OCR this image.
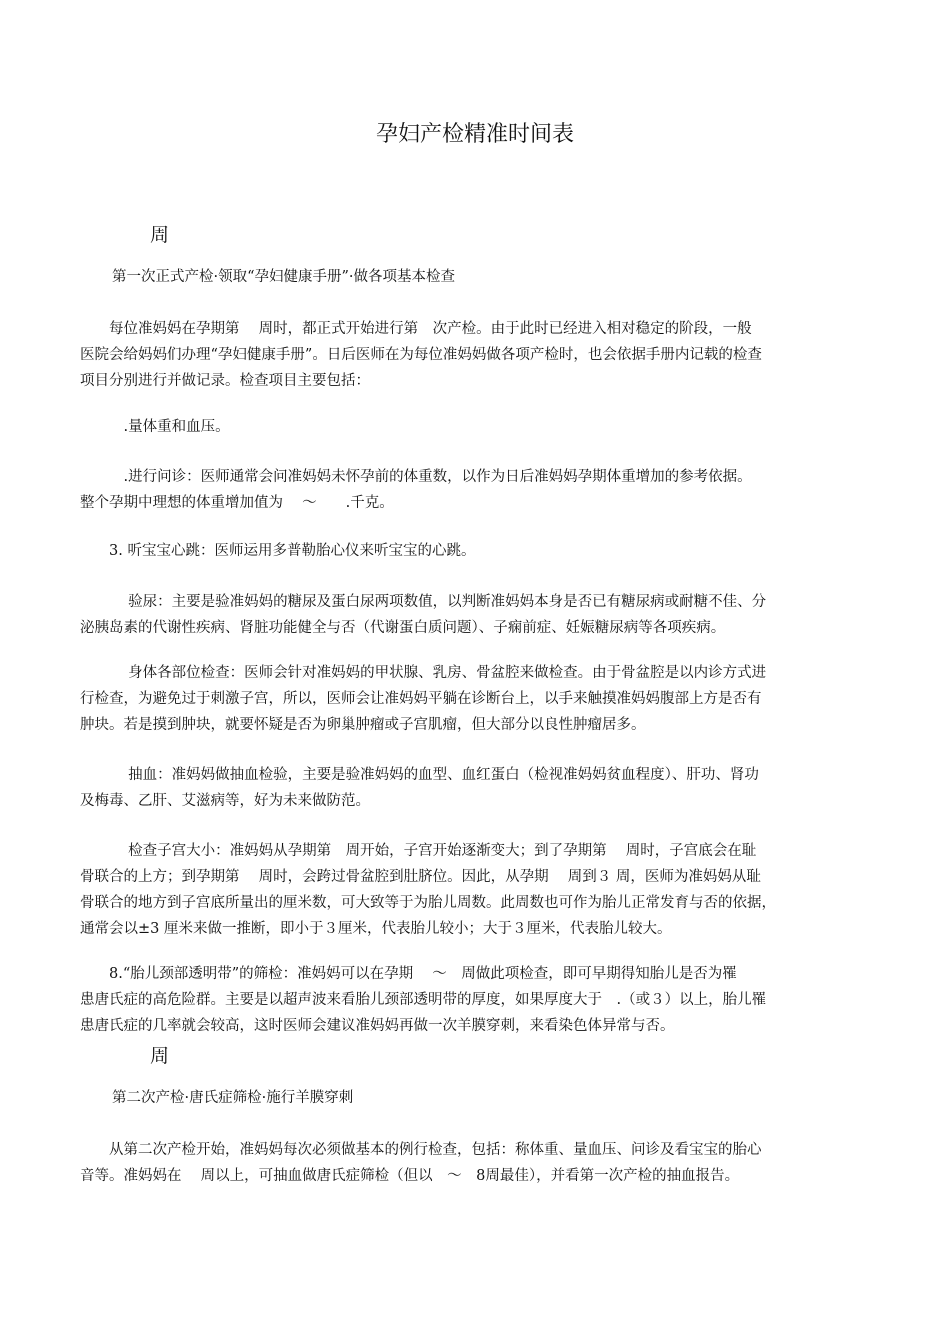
孕妇产检精准时间表
周
第一次正式产检·领取“孕妇健康手册”·做各项基本检查
　　每位准妈妈在孕期第　 周时，都正式开始进行第　次产检。由于此时已经进入相对稳定的阶段，一般
医院会给妈妈们办理“孕妇健康手册”。日后医师在为每位准妈妈做各项产检时，也会依据手册内记载的检查
项目分别进行并做记录。检查项目主要包括：
　　　.量体重和血压。
　　　.进行问诊：医师通常会问准妈妈未怀孕前的体重数，以作为日后准妈妈孕期体重增加的参考依据。
整个孕期中理想的体重增加值为　 ～　　.千克。
　　3. 听宝宝心跳：医师运用多普勒胎心仪来听宝宝的心跳。
　　　 验尿：主要是验准妈妈的糖尿及蛋白尿两项数值，以判断准妈妈本身是否已有糖尿病或耐糖不佳、分
泌胰岛素的代谢性疾病、肾脏功能健全与否（代谢蛋白质问题）、子痫前症、妊娠糖尿病等各项疾病。
　　　 身体各部位检查：医师会针对准妈妈的甲状腺、乳房、骨盆腔来做检查。由于骨盆腔是以内诊方式进
行检查，为避免过于刺激子宫，所以，医师会让准妈妈平躺在诊断台上，以手来触摸准妈妈腹部上方是否有
肿块。若是摸到肿块，就要怀疑是否为卵巢肿瘤或子宫肌瘤，但大部分以良性肿瘤居多。
　　　 抽血：准妈妈做抽血检验，主要是验准妈妈的血型、血红蛋白（检视准妈妈贫血程度）、肝功、肾功
及梅毒、乙肝、艾滋病等，好为未来做防范。
　　　 检查子宫大小：准妈妈从孕期第　周开始，子宫开始逐渐变大；到了孕期第　 周时，子宫底会在耻
骨联合的上方；到孕期第　 周时，会跨过骨盆腔到肚脐位。因此，从孕期　 周到３ 周，医师为准妈妈从耻
骨联合的地方到子宫底所量出的厘米数，可大致等于为胎儿周数。此周数也可作为胎儿正常发育与否的依据，
通常会以±3 厘米来做一推断，即小于３厘米，代表胎儿较小；大于３厘米，代表胎儿较大。
　　8.“胎儿颈部透明带”的筛检：准妈妈可以在孕期　 ～　周做此项检查，即可早期得知胎儿是否为罹
患唐氏症的高危险群。主要是以超声波来看胎儿颈部透明带的厚度，如果厚度大于　.（或３）以上，胎儿罹
患唐氏症的几率就会较高，这时医师会建议准妈妈再做一次羊膜穿刺，来看染色体异常与否。
周
第二次产检·唐氏症筛检·施行羊膜穿刺
　　从第二次产检开始，准妈妈每次必须做基本的例行检查，包括：称体重、量血压、问诊及看宝宝的胎心
音等。准妈妈在　 周以上，可抽血做唐氏症筛检（但以　～　8周最佳），并看第一次产检的抽血报告。
